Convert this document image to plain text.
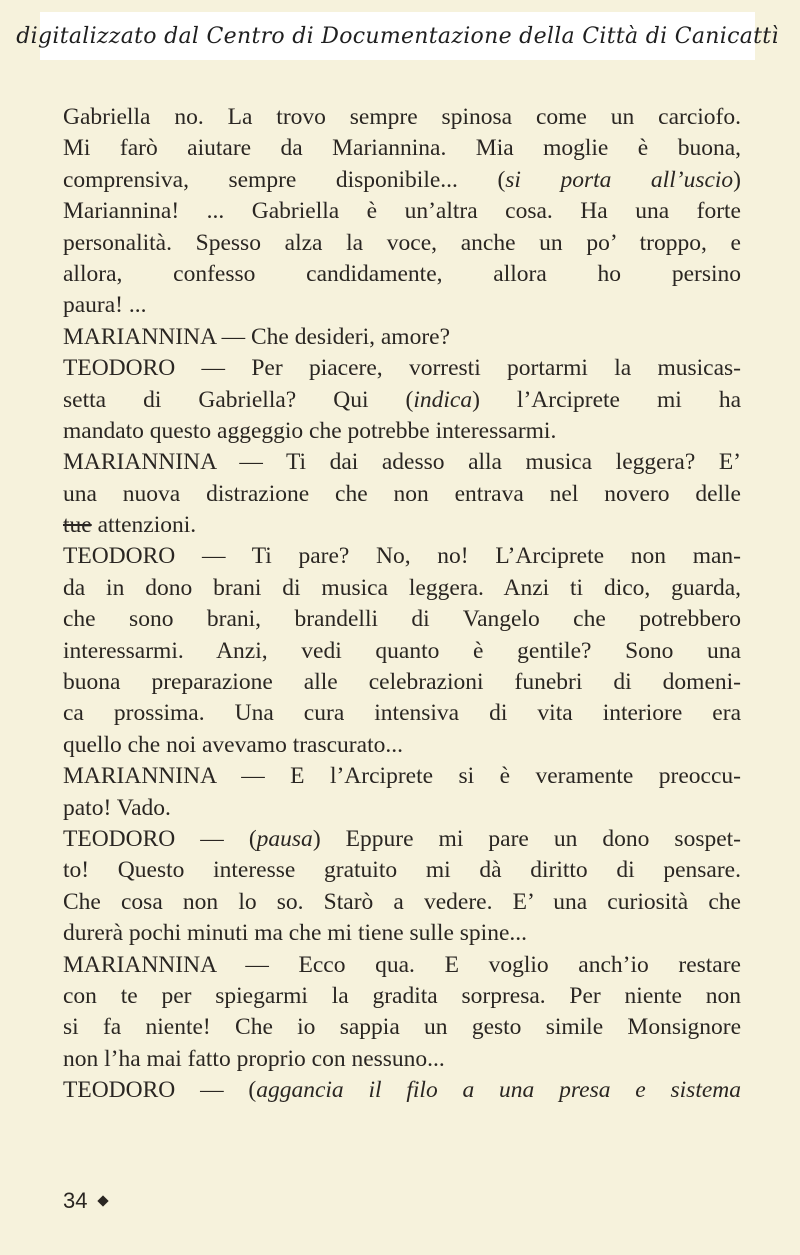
digitalizzato dal Centro di Documentazione della Città di Canicattì
Gabriella no. La trovo sempre spinosa come un carciofo.
Mi farò aiutare da Mariannina. Mia moglie è buona,
comprensiva, sempre disponibile... (si porta all’uscio)
Mariannina! ... Gabriella è un’altra cosa. Ha una forte
personalità. Spesso alza la voce, anche un po’ troppo, e
allora, confesso candidamente, allora ho persino
paura! ...
MARIANNINA — Che desideri, amore?
TEODORO — Per piacere, vorresti portarmi la musicas-
setta di Gabriella? Qui (indica) l’Arciprete mi ha
mandato questo aggeggio che potrebbe interessarmi.
MARIANNINA — Ti dai adesso alla musica leggera? E’
una nuova distrazione che non entrava nel novero delle
tue attenzioni.
TEODORO — Ti pare? No, no! L’Arciprete non man-
da in dono brani di musica leggera. Anzi ti dico, guarda,
che sono brani, brandelli di Vangelo che potrebbero
interessarmi. Anzi, vedi quanto è gentile? Sono una
buona preparazione alle celebrazioni funebri di domeni-
ca prossima. Una cura intensiva di vita interiore era
quello che noi avevamo trascurato...
MARIANNINA — E l’Arciprete si è veramente preoccu-
pato! Vado.
TEODORO — (pausa) Eppure mi pare un dono sospet-
to! Questo interesse gratuito mi dà diritto di pensare.
Che cosa non lo so. Starò a vedere. E’ una curiosità che
durerà pochi minuti ma che mi tiene sulle spine...
MARIANNINA — Ecco qua. E voglio anch’io restare
con te per spiegarmi la gradita sorpresa. Per niente non
si fa niente! Che io sappia un gesto simile Monsignore
non l’ha mai fatto proprio con nessuno...
TEODORO — (aggancia il filo a una presa e sistema
34
